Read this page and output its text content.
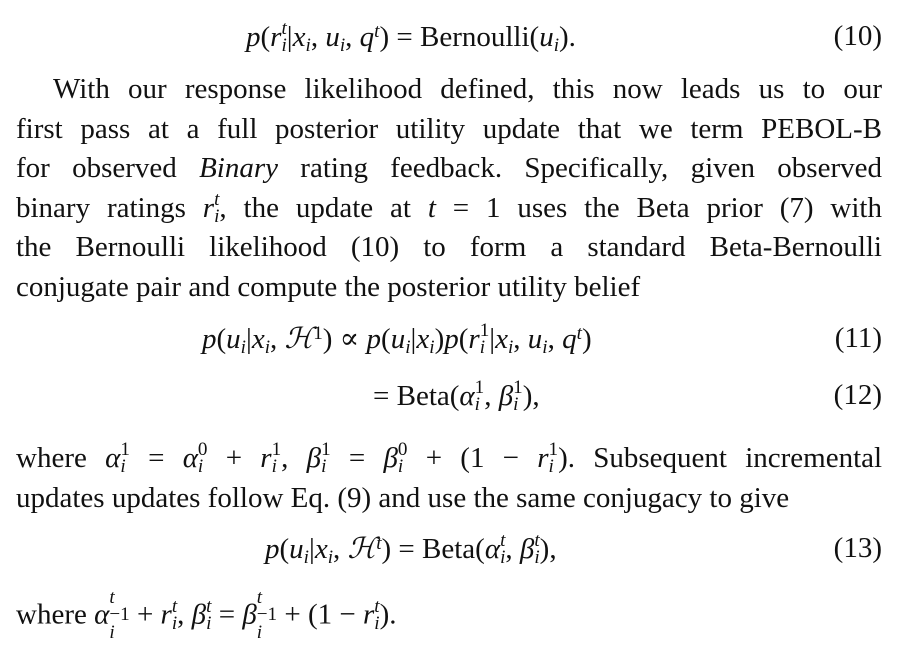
p(r t
i $|x_i$, $u_i$, $q^t$) = $Bernoulli(u_i)$.	(10)
With our response likelihood defined, this now leads us to our
first pass at a full posterior utility update that we term PEBOL-B
for observed Binary rating feedback. Specifically, given observed
binary ratings r t
i , the update at t = 1 uses the Beta prior (7) with
the Bernoulli likelihood (10) to form a standard Beta-Bernoulli
conjugate pair and compute the posterior utility belief
$p(u_i|x_i$, ℋ$^1$) ∝ $p(u_i|x_i)p(r$ 1
i $|x_i$, $u_i$, $q^t$)	(11)
= Beta(α 1
i , β 1
i ),	(12)
where α 1
i = α 0
i + r 1
i , β 1
i = β 0
i + (1 − r 1
i ). Subsequent incremental
updates updates follow Eq. (9) and use the same conjugacy to give
$p(u_i|x_i$, ℋ$^t$) = Beta(α t
i , β t
i ),	(13)
where α
t
−1
i
+ r t
i , β t
i = β
t
−1
i
+ (1 − r t
i ).
